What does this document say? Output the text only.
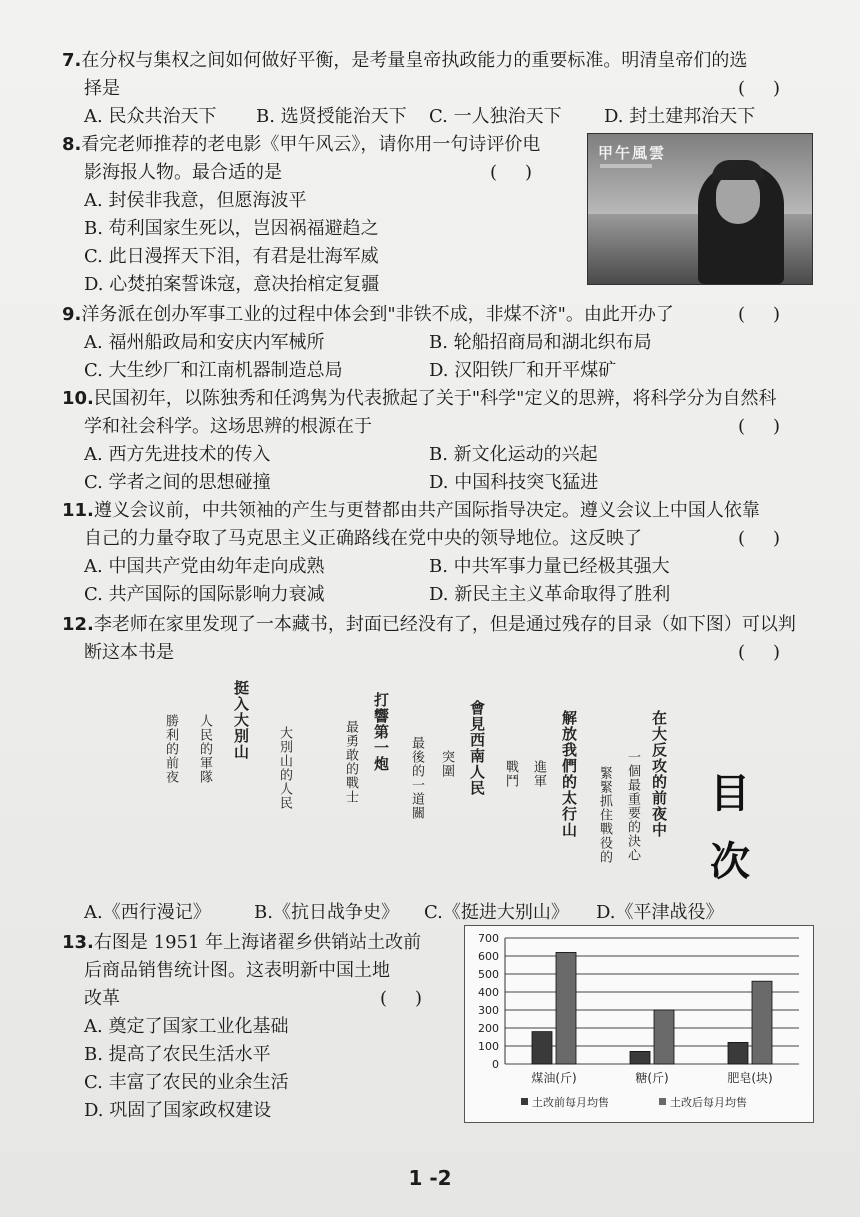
7.在分权与集权之间如何做好平衡，是考量皇帝执政能力的重要标准。明清皇帝们的选
择是	()
A. 民众共治天下 B. 选贤授能治天下 C. 一人独治天下 D. 封土建邦治天下
8.看完老师推荐的老电影《甲午风云》，请你用一句诗评价电
影海报人物。最合适的是	()
A. 封侯非我意，但愿海波平
B. 苟利国家生死以，岂因祸福避趋之
C. 此日漫挥天下泪，有君是壮海军威
D. 心焚拍案誓诛寇，意决抬棺定复疆
甲午風雲
9.洋务派在创办军事工业的过程中体会到"非铁不成，非煤不济"。由此开办了	()
A. 福州船政局和安庆内军械所	B. 轮船招商局和湖北织布局
C. 大生纱厂和江南机器制造总局	D. 汉阳铁厂和开平煤矿
10.民国初年，以陈独秀和任鸿隽为代表掀起了关于"科学"定义的思辨，将科学分为自然科
学和社会科学。这场思辨的根源在于	()
A. 西方先进技术的传入	B. 新文化运动的兴起
C. 学者之间的思想碰撞	D. 中国科技突飞猛进
11.遵义会议前，中共领袖的产生与更替都由共产国际指导决定。遵义会议上中国人依靠
自己的力量夺取了马克思主义正确路线在党中央的领导地位。这反映了	()
A. 中国共产党由幼年走向成熟	B. 中共军事力量已经极其强大
C. 共产国际的国际影响力衰减	D. 新民主主义革命取得了胜利
12.李老师在家里发现了一本藏书，封面已经没有了，但是通过残存的目录（如下图）可以判
断这本书是	()
目
次
在大反攻的前夜中
一個最重要的決心
緊緊抓住戰役的
解放我們的太行山
進軍
戰鬥
會見西南人民
突圍
打響第一炮
最後的一道關
最勇敢的戰士
大別山的人民
挺入大別山
人民的軍隊
勝利的前夜
A.《西行漫记》 B.《抗日战争史》 C.《挺进大别山》 D.《平津战役》
13.右图是 1951 年上海诸翟乡供销站土改前
后商品销售统计图。这表明新中国土地
改革	()
A. 奠定了国家工业化基础
B. 提高了农民生活水平
C. 丰富了农民的业余生活
D. 巩固了国家政权建设
0
100
200
300
400
500
600
700
煤油(斤)	糖(斤)	肥皂(块)
土改前每月均售	土改后每月均售
1 -2
